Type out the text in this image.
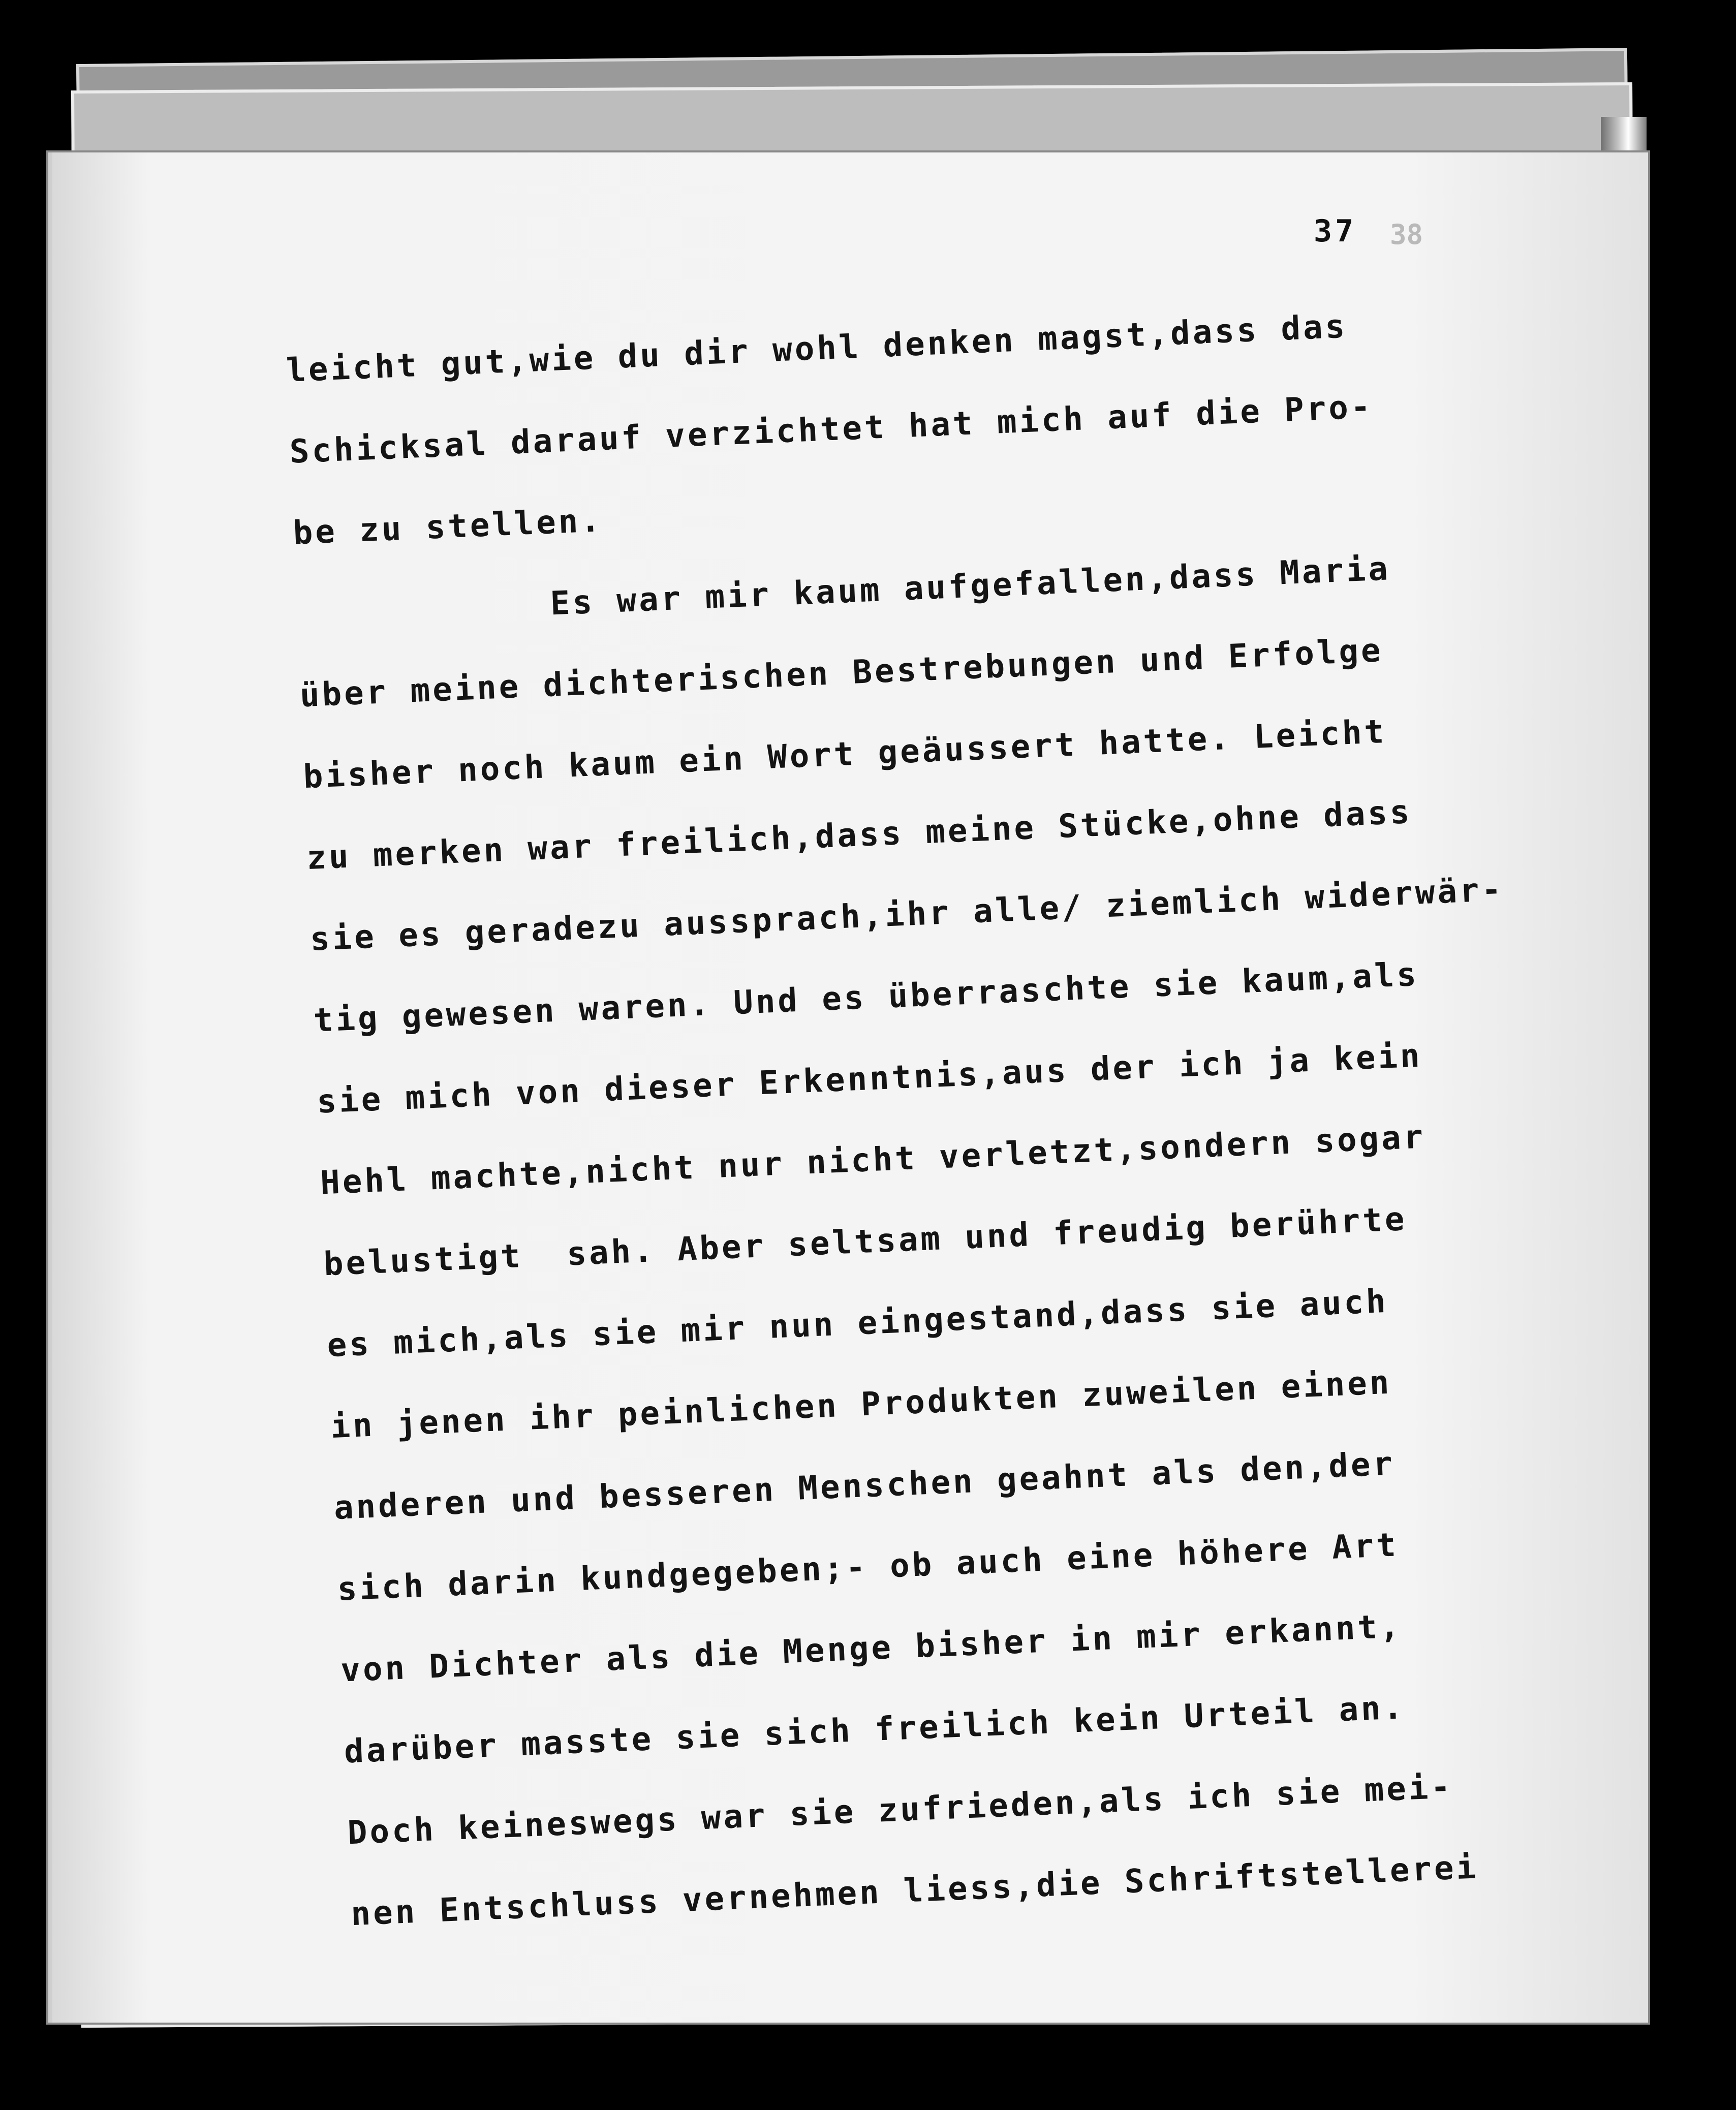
38
37
leicht gut,wie du dir wohl denken magst,dass das
Schicksal darauf verzichtet hat mich auf die Pro-
be zu stellen.
Es war mir kaum aufgefallen,dass Maria
über meine dichterischen Bestrebungen und Erfolge
bisher noch kaum ein Wort geäussert hatte. Leicht
zu merken war freilich,dass meine Stücke,ohne dass
sie es geradezu aussprach,ihr alle/ ziemlich widerwär-
tig gewesen waren. Und es überraschte sie kaum,als
sie mich von dieser Erkenntnis,aus der ich ja kein
Hehl machte,nicht nur nicht verletzt,sondern sogar
belustigt  sah. Aber seltsam und freudig berührte
es mich,als sie mir nun eingestand,dass sie auch
in jenen ihr peinlichen Produkten zuweilen einen
anderen und besseren Menschen geahnt als den,der
sich darin kundgegeben;- ob auch eine höhere Art
von Dichter als die Menge bisher in mir erkannt,
darüber masste sie sich freilich kein Urteil an.
Doch keineswegs war sie zufrieden,als ich sie mei-
nen Entschluss vernehmen liess,die Schriftstellerei
